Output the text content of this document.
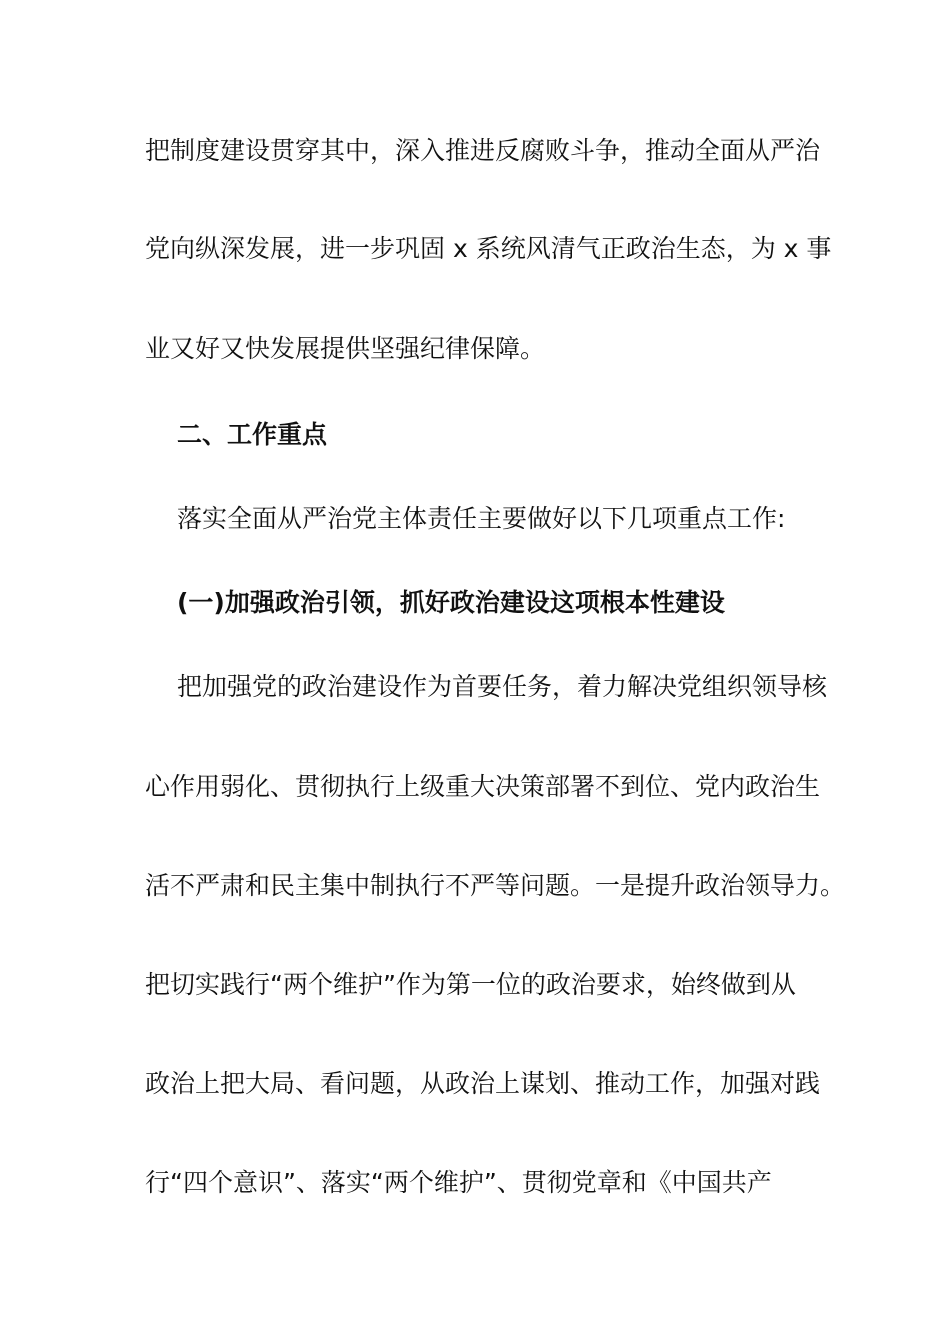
把制度建设贯穿其中，深入推进反腐败斗争，推动全面从严治
党向纵深发展，进一步巩固 x 系统风清气正政治生态，为 x 事
业又好又快发展提供坚强纪律保障。
二、工作重点
落实全面从严治党主体责任主要做好以下几项重点工作:
(一)加强政治引领，抓好政治建设这项根本性建设
把加强党的政治建设作为首要任务，着力解决党组织领导核
心作用弱化、贯彻执行上级重大决策部署不到位、党内政治生
活不严肃和民主集中制执行不严等问题。一是提升政治领导力。
把切实践行“两个维护”作为第一位的政治要求，始终做到从
政治上把大局、看问题，从政治上谋划、推动工作，加强对践
行“四个意识”、落实“两个维护”、贯彻党章和《中国共产
